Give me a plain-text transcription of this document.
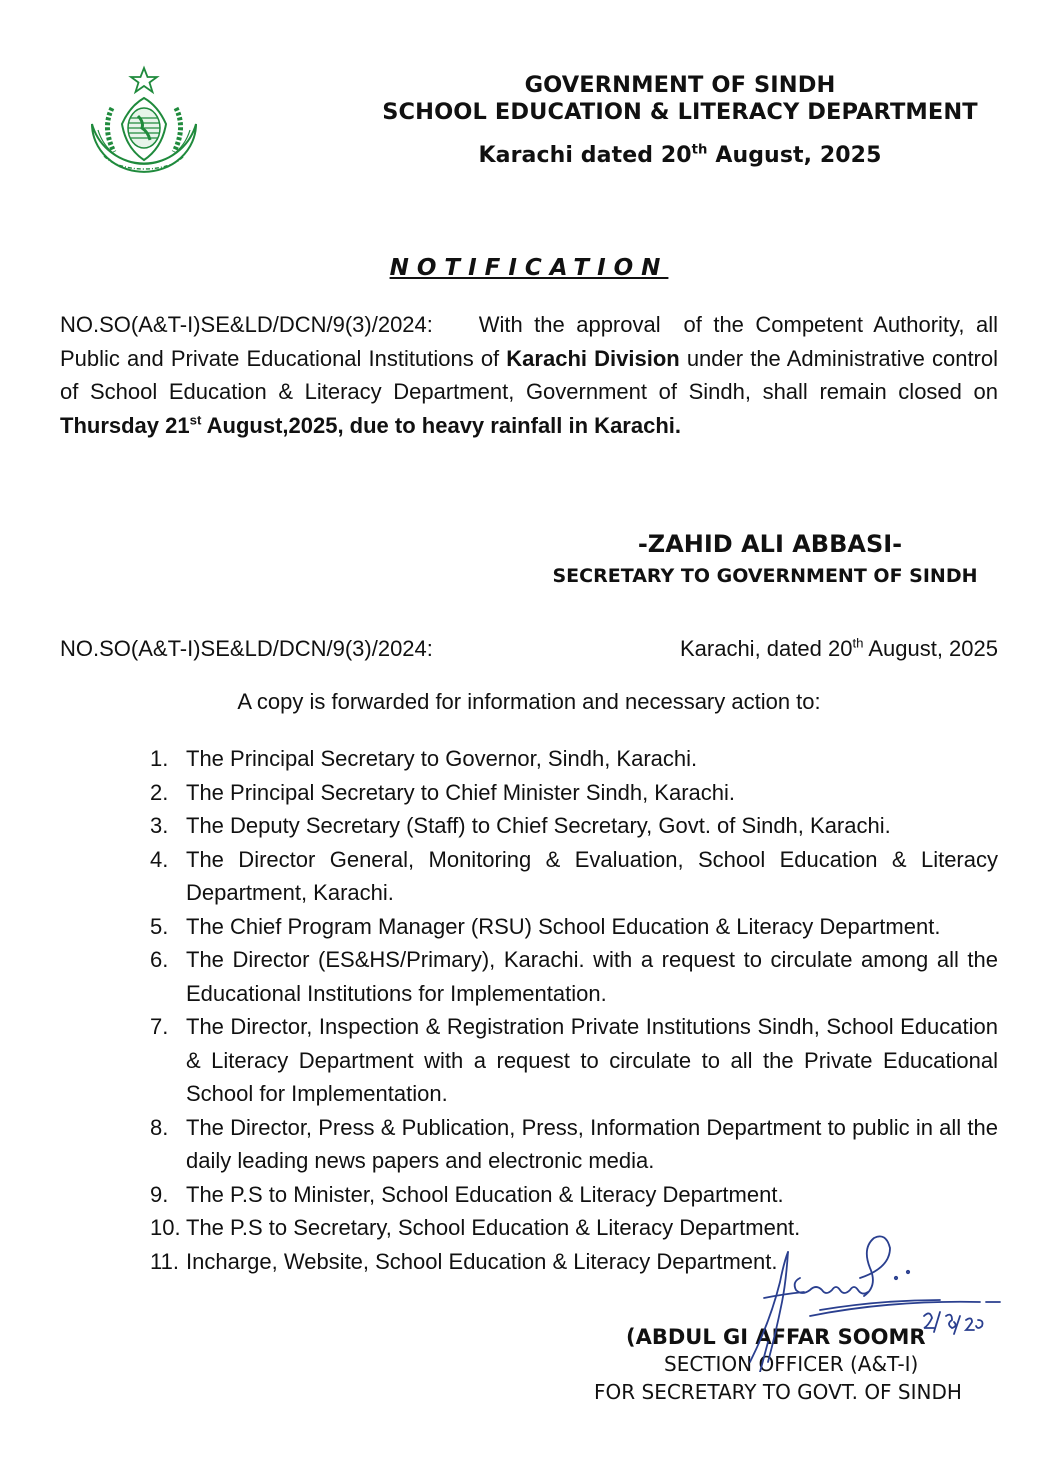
GOVERNMENT OF SINDH
SCHOOL EDUCATION & LITERACY DEPARTMENT
Karachi dated 20th August, 2025
NOTIFICATION
NO.SO(A&T-I)SE&LD/DCN/9(3)/2024:    With the approval  of the Competent Authority, all Public and Private Educational Institutions of Karachi Division under the Administrative control of School Education & Literacy Department, Government of Sindh, shall remain closed on Thursday 21st August,2025, due to heavy rainfall in Karachi.
-ZAHID ALI ABBASI-
SECRETARY TO GOVERNMENT OF SINDH
NO.SO(A&T-I)SE&LD/DCN/9(3)/2024:	Karachi, dated 20th August, 2025
A copy is forwarded for information and necessary action to:
1. The Principal Secretary to Governor, Sindh, Karachi.
2. The Principal Secretary to Chief Minister Sindh, Karachi.
3. The Deputy Secretary (Staff) to Chief Secretary, Govt. of Sindh, Karachi.
4. The Director General, Monitoring & Evaluation, School Education & Literacy Department, Karachi.
5. The Chief Program Manager (RSU) School Education & Literacy Department.
6. The Director (ES&HS/Primary), Karachi. with a request to circulate among all the Educational Institutions for Implementation.
7. The Director, Inspection & Registration Private Institutions Sindh, School Education & Literacy Department with a request to circulate to all the Private Educational School for Implementation.
8. The Director, Press & Publication, Press, Information Department to public in all the daily leading news papers and electronic media.
9. The P.S to Minister, School Education & Literacy Department.
10. The P.S to Secretary, School Education & Literacy Department.
11. Incharge, Website, School Education & Literacy Department.
(ABDUL GI AFFAR SOOMR
SECTION OFFICER (A&T-I)
FOR SECRETARY TO GOVT. OF SINDH
